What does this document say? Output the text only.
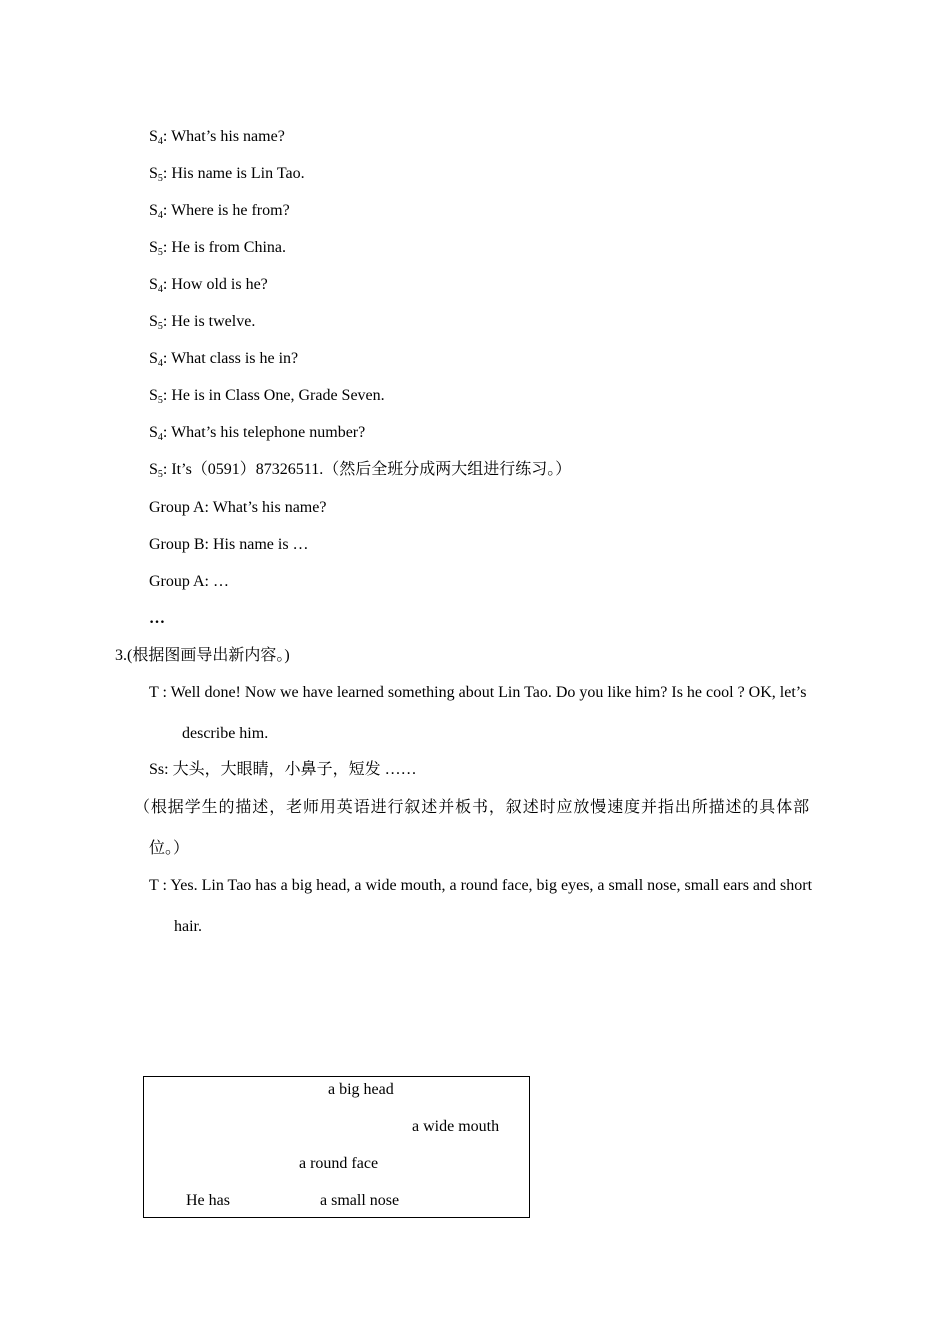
$S_4$: What’s his name?
$S_5$: His name is Lin Tao.
$S_4$: Where is he from?
$S_5$: He is from China.
$S_4$: How old is he?
$S_5$: He is twelve.
$S_4$: What class is he in?
$S_5$: He is in Class One, Grade Seven.
$S_4$: What’s his telephone number?
$S_5$: It’s（0591）87326511.（然后全班分成两大组进行练习。）
Group A: What’s his name?
Group B: His name is …
Group A: …
…
3.(根据图画导出新内容。)
T : Well done! Now we have learned something about Lin Tao. Do you like him? Is he cool ? OK, let’s
describe him.
Ss: 大头，大眼睛，小鼻子，短发 ……
（根据学生的描述，老师用英语进行叙述并板书，叙述时应放慢速度并指出所描述的具体部
位。）
T : Yes. Lin Tao has a big head, a wide mouth, a round face, big eyes, a small nose, small ears and short
hair.
a big head
a wide mouth
a round face
He has	a small nose
